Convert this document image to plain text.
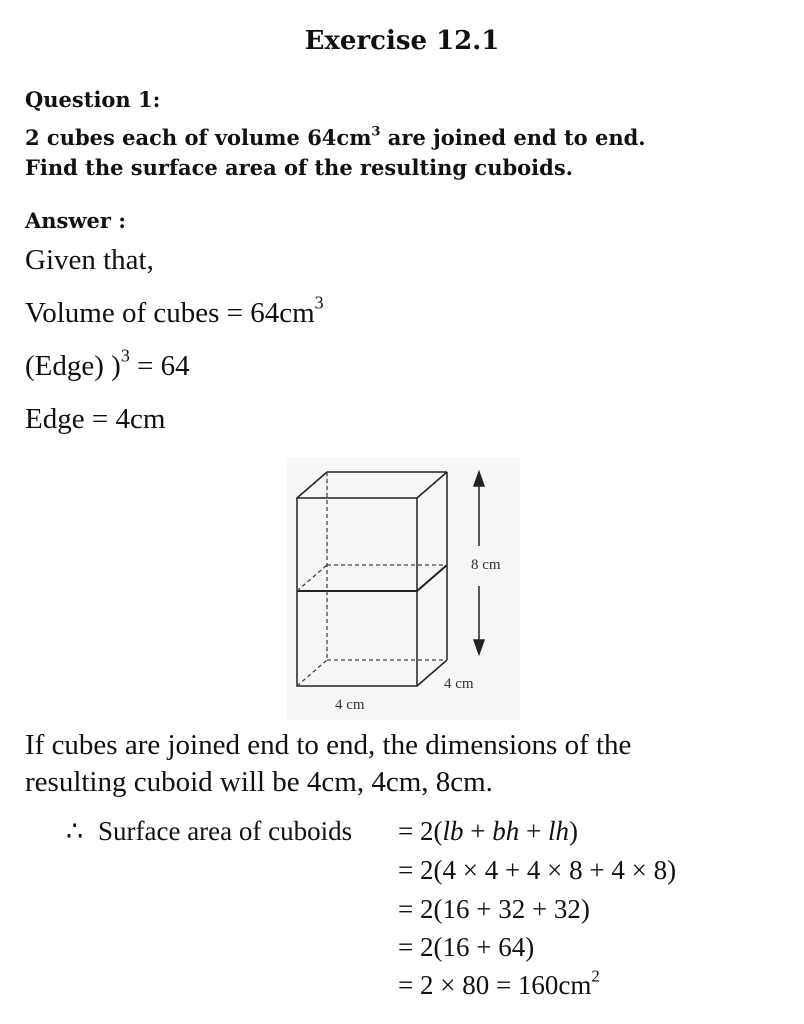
Exercise 12.1
Question 1:
2 cubes each of volume $64cm^3$ are joined end to end.
Find the surface area of the resulting cuboids.
Answer :
Given that,
Volume of cubes = $64cm^3$
(Edge) )$^3$ = 64
Edge = 4cm
8 cm
4 cm
4 cm
If cubes are joined end to end, the dimensions of the
resulting cuboid will be 4cm, 4cm, 8cm.
∴ Surface area of cuboids = 2(lb + bh + lh)
= 2(4 × 4 + 4 × 8 + 4 × 8)
= 2(16 + 32 + 32)
= 2(16 + 64)
= $2 \times 80 = 160cm^2$
